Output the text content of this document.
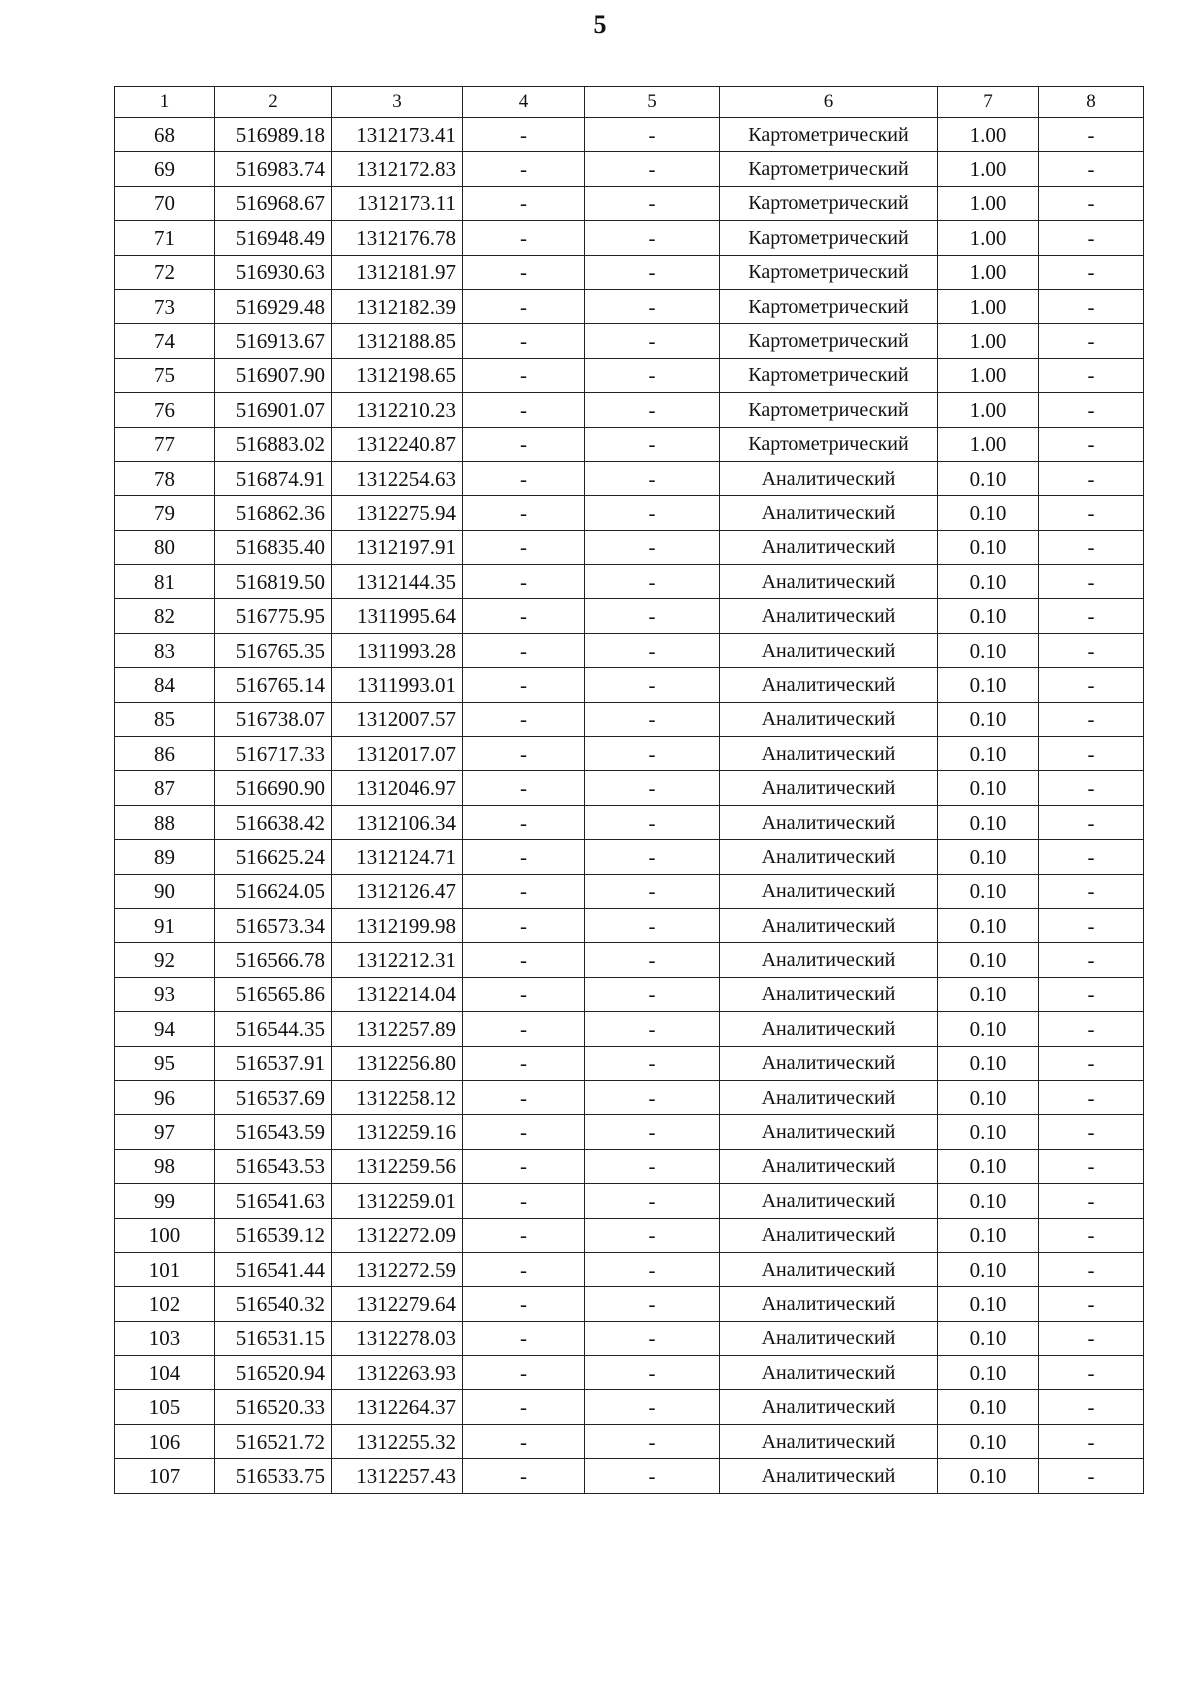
5
1	2	3	4	5	6	7	8
68	516989.18	1312173.41	-	-	Картометрический	1.00	-
69	516983.74	1312172.83	-	-	Картометрический	1.00	-
70	516968.67	1312173.11	-	-	Картометрический	1.00	-
71	516948.49	1312176.78	-	-	Картометрический	1.00	-
72	516930.63	1312181.97	-	-	Картометрический	1.00	-
73	516929.48	1312182.39	-	-	Картометрический	1.00	-
74	516913.67	1312188.85	-	-	Картометрический	1.00	-
75	516907.90	1312198.65	-	-	Картометрический	1.00	-
76	516901.07	1312210.23	-	-	Картометрический	1.00	-
77	516883.02	1312240.87	-	-	Картометрический	1.00	-
78	516874.91	1312254.63	-	-	Аналитический	0.10	-
79	516862.36	1312275.94	-	-	Аналитический	0.10	-
80	516835.40	1312197.91	-	-	Аналитический	0.10	-
81	516819.50	1312144.35	-	-	Аналитический	0.10	-
82	516775.95	1311995.64	-	-	Аналитический	0.10	-
83	516765.35	1311993.28	-	-	Аналитический	0.10	-
84	516765.14	1311993.01	-	-	Аналитический	0.10	-
85	516738.07	1312007.57	-	-	Аналитический	0.10	-
86	516717.33	1312017.07	-	-	Аналитический	0.10	-
87	516690.90	1312046.97	-	-	Аналитический	0.10	-
88	516638.42	1312106.34	-	-	Аналитический	0.10	-
89	516625.24	1312124.71	-	-	Аналитический	0.10	-
90	516624.05	1312126.47	-	-	Аналитический	0.10	-
91	516573.34	1312199.98	-	-	Аналитический	0.10	-
92	516566.78	1312212.31	-	-	Аналитический	0.10	-
93	516565.86	1312214.04	-	-	Аналитический	0.10	-
94	516544.35	1312257.89	-	-	Аналитический	0.10	-
95	516537.91	1312256.80	-	-	Аналитический	0.10	-
96	516537.69	1312258.12	-	-	Аналитический	0.10	-
97	516543.59	1312259.16	-	-	Аналитический	0.10	-
98	516543.53	1312259.56	-	-	Аналитический	0.10	-
99	516541.63	1312259.01	-	-	Аналитический	0.10	-
100	516539.12	1312272.09	-	-	Аналитический	0.10	-
101	516541.44	1312272.59	-	-	Аналитический	0.10	-
102	516540.32	1312279.64	-	-	Аналитический	0.10	-
103	516531.15	1312278.03	-	-	Аналитический	0.10	-
104	516520.94	1312263.93	-	-	Аналитический	0.10	-
105	516520.33	1312264.37	-	-	Аналитический	0.10	-
106	516521.72	1312255.32	-	-	Аналитический	0.10	-
107	516533.75	1312257.43	-	-	Аналитический	0.10	-
